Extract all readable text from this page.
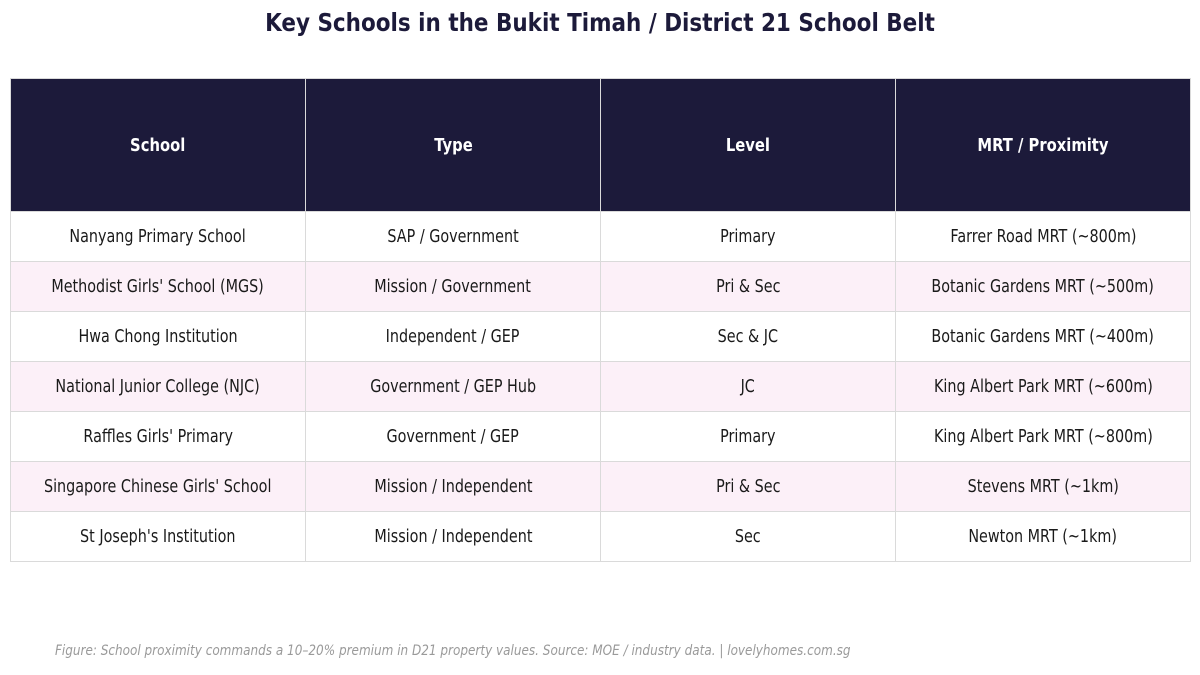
Key Schools in the Bukit Timah / District 21 School Belt
School	Type	Level	MRT / Proximity
Nanyang Primary School	SAP / Government	Primary	Farrer Road MRT (~800m)
Methodist Girls' School (MGS)	Mission / Government	Pri & Sec	Botanic Gardens MRT (~500m)
Hwa Chong Institution	Independent / GEP	Sec & JC	Botanic Gardens MRT (~400m)
National Junior College (NJC)	Government / GEP Hub	JC	King Albert Park MRT (~600m)
Raffles Girls' Primary	Government / GEP	Primary	King Albert Park MRT (~800m)
Singapore Chinese Girls' School	Mission / Independent	Pri & Sec	Stevens MRT (~1km)
St Joseph's Institution	Mission / Independent	Sec	Newton MRT (~1km)
Figure: School proximity commands a 10–20% premium in D21 property values. Source: MOE / industry data. | lovelyhomes.com.sg
